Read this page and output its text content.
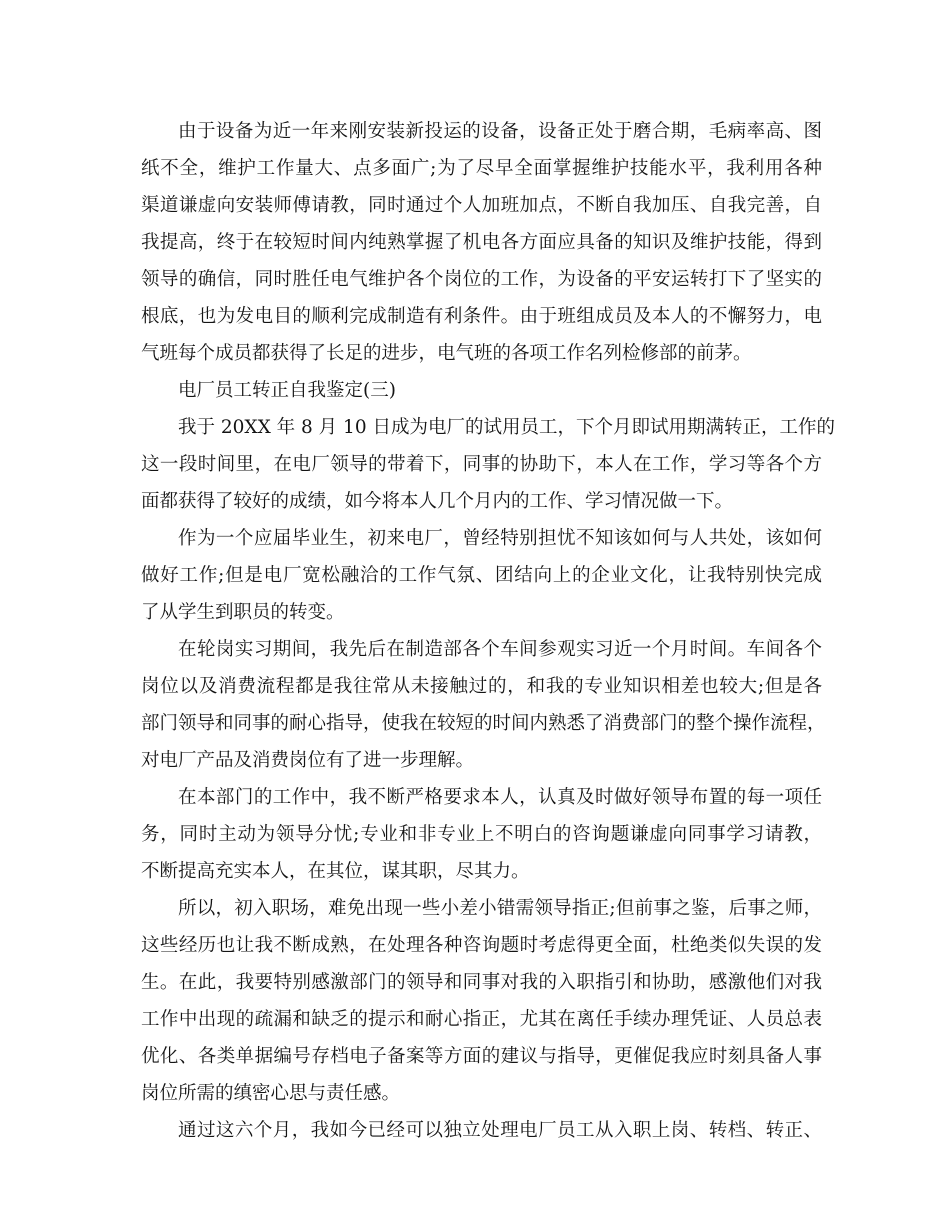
由于设备为近一年来刚安装新投运的设备，设备正处于磨合期，毛病率高、图
纸不全，维护工作量大、点多面广;为了尽早全面掌握维护技能水平，我利用各种
渠道谦虚向安装师傅请教，同时通过个人加班加点，不断自我加压、自我完善，自
我提高，终于在较短时间内纯熟掌握了机电各方面应具备的知识及维护技能，得到
领导的确信，同时胜任电气维护各个岗位的工作，为设备的平安运转打下了坚实的
根底，也为发电目的顺利完成制造有利条件。由于班组成员及本人的不懈努力，电
气班每个成员都获得了长足的进步，电气班的各项工作名列检修部的前茅。
电厂员工转正自我鉴定(三)
我于 20XX 年 8 月 10 日成为电厂的试用员工，下个月即试用期满转正，工作的
这一段时间里，在电厂领导的带着下，同事的协助下，本人在工作，学习等各个方
面都获得了较好的成绩，如今将本人几个月内的工作、学习情况做一下。
作为一个应届毕业生，初来电厂，曾经特别担忧不知该如何与人共处，该如何
做好工作;但是电厂宽松融洽的工作气氛、团结向上的企业文化，让我特别快完成
了从学生到职员的转变。
在轮岗实习期间，我先后在制造部各个车间参观实习近一个月时间。车间各个
岗位以及消费流程都是我往常从未接触过的，和我的专业知识相差也较大;但是各
部门领导和同事的耐心指导，使我在较短的时间内熟悉了消费部门的整个操作流程，
对电厂产品及消费岗位有了进一步理解。
在本部门的工作中，我不断严格要求本人，认真及时做好领导布置的每一项任
务，同时主动为领导分忧;专业和非专业上不明白的咨询题谦虚向同事学习请教，
不断提高充实本人，在其位，谋其职，尽其力。
所以，初入职场，难免出现一些小差小错需领导指正;但前事之鉴，后事之师，
这些经历也让我不断成熟，在处理各种咨询题时考虑得更全面，杜绝类似失误的发
生。在此，我要特别感激部门的领导和同事对我的入职指引和协助，感激他们对我
工作中出现的疏漏和缺乏的提示和耐心指正，尤其在离任手续办理凭证、人员总表
优化、各类单据编号存档电子备案等方面的建议与指导，更催促我应时刻具备人事
岗位所需的缜密心思与责任感。
通过这六个月，我如今已经可以独立处理电厂员工从入职上岗、转档、转正、
